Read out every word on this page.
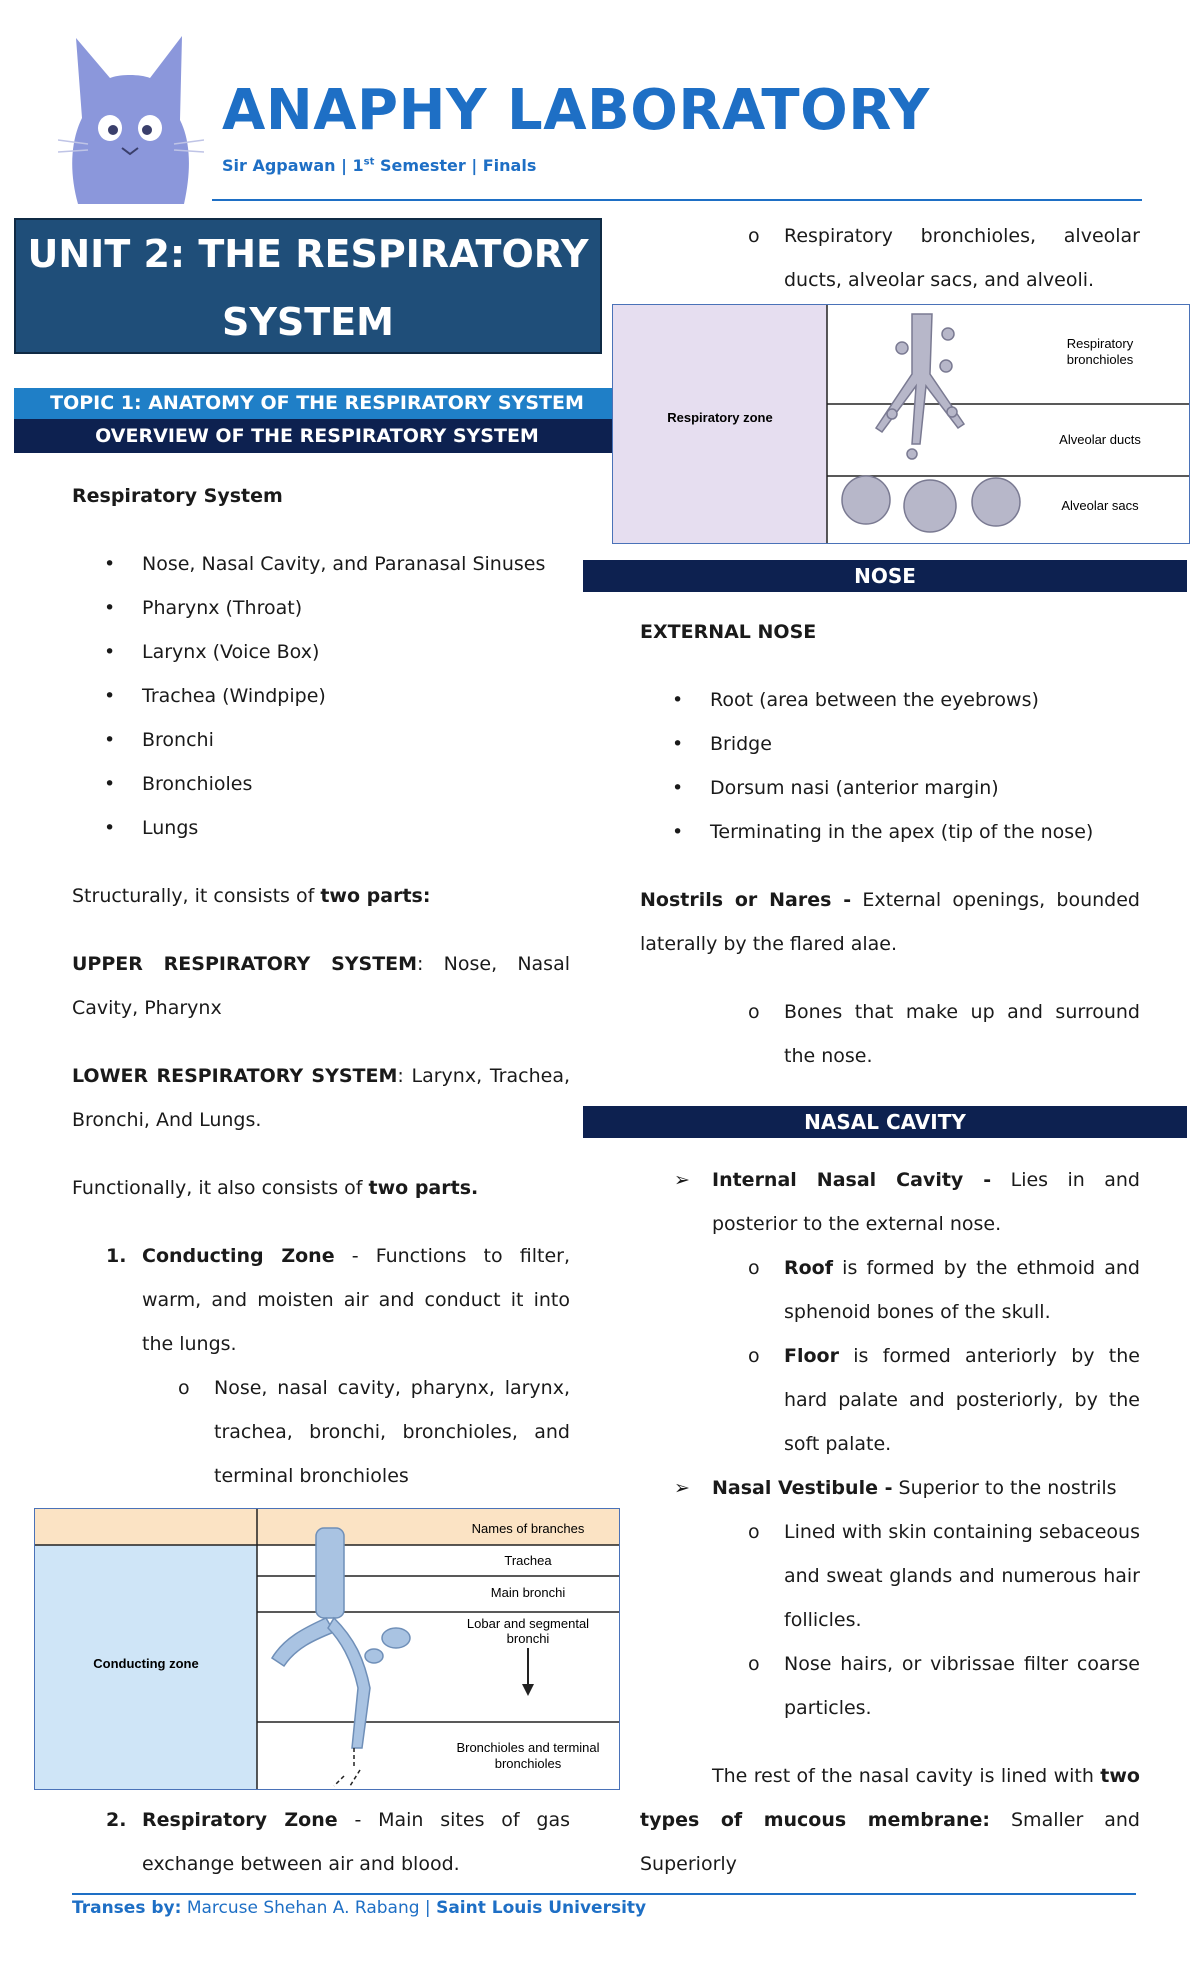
ANAPHY LABORATORY
Sir Agpawan | 1st Semester | Finals
UNIT 2: THE RESPIRATORY
SYSTEM
TOPIC 1: ANATOMY OF THE RESPIRATORY SYSTEM
OVERVIEW OF THE RESPIRATORY SYSTEM
Respiratory System
• Nose, Nasal Cavity, and Paranasal Sinuses
• Pharynx (Throat)
• Larynx (Voice Box)
• Trachea (Windpipe)
• Bronchi
• Bronchioles
• Lungs
Structurally, it consists of two parts:
UPPER RESPIRATORY SYSTEM: Nose, Nasal Cavity, Pharynx
LOWER RESPIRATORY SYSTEM: Larynx, Trachea, Bronchi, And Lungs.
Functionally, it also consists of two parts.
1. Conducting Zone - Functions to filter, warm, and moisten air and conduct it into the lungs.
o Nose, nasal cavity, pharynx, larynx, trachea, bronchi, bronchioles, and terminal bronchioles
Conducting zone
Names of branches
Trachea
Main bronchi
Lobar and segmental
bronchi
Bronchioles and terminal
bronchioles
2. Respiratory Zone - Main sites of gas exchange between air and blood.
o Respiratory bronchioles, alveolar ducts, alveolar sacs, and alveoli.
Respiratory zone
Respiratory
bronchioles
Alveolar ducts
Alveolar sacs
NOSE
EXTERNAL NOSE
• Root (area between the eyebrows)
• Bridge
• Dorsum nasi (anterior margin)
• Terminating in the apex (tip of the nose)
Nostrils or Nares - External openings, bounded laterally by the flared alae.
o Bones that make up and surround the nose.
NASAL CAVITY
➢ Internal Nasal Cavity - Lies in and posterior to the external nose.
o Roof is formed by the ethmoid and sphenoid bones of the skull.
o Floor is formed anteriorly by the hard palate and posteriorly, by the soft palate.
➢ Nasal Vestibule - Superior to the nostrils
o Lined with skin containing sebaceous and sweat glands and numerous hair follicles.
o Nose hairs, or vibrissae filter coarse particles.
The rest of the nasal cavity is lined with two types of mucous membrane: Smaller and Superiorly
Transes by: Marcuse Shehan A. Rabang | Saint Louis University
